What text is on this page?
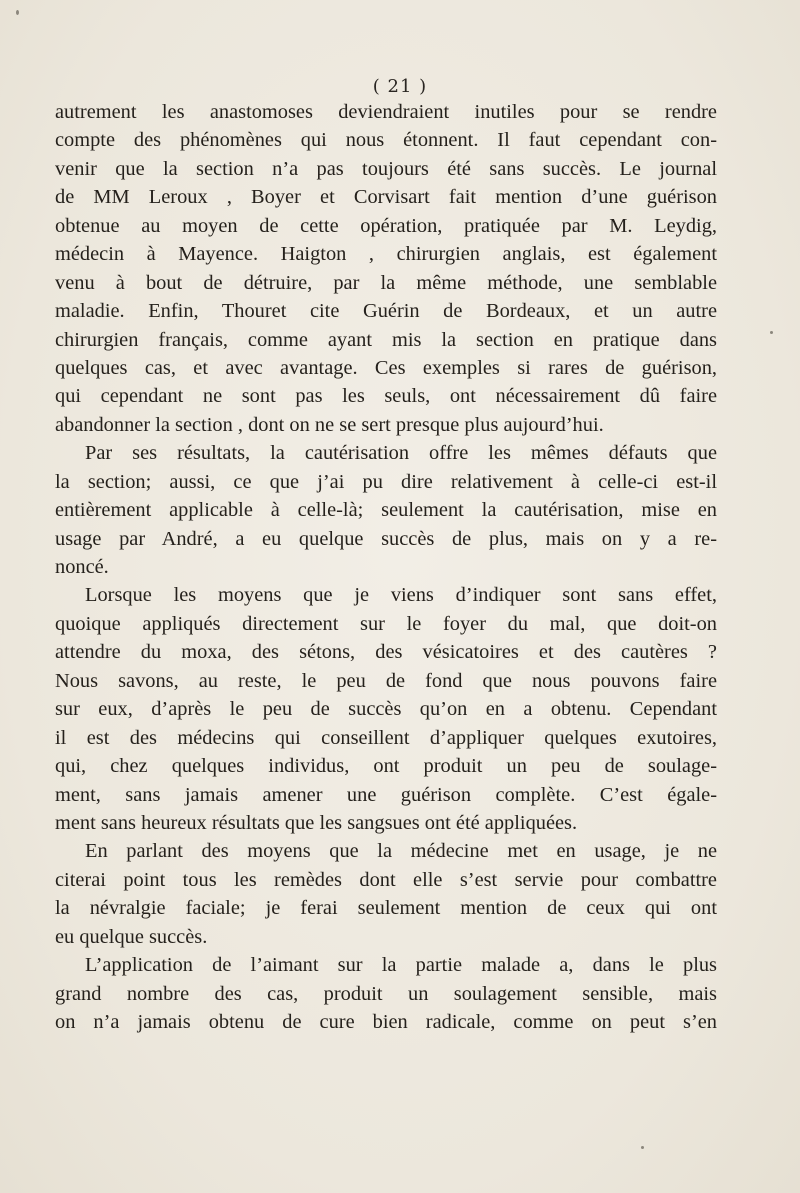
( 21 )
autrement les anastomoses deviendraient inutiles pour se rendre
compte des phénomènes qui nous étonnent. Il faut cependant con-
venir que la section n’a pas toujours été sans succès. Le journal
de MM Leroux , Boyer et Corvisart fait mention d’une guérison
obtenue au moyen de cette opération, pratiquée par M. Leydig,
médecin à Mayence. Haigton , chirurgien anglais, est également
venu à bout de détruire, par la même méthode, une semblable
maladie. Enfin, Thouret cite Guérin de Bordeaux, et un autre
chirurgien français, comme ayant mis la section en pratique dans
quelques cas, et avec avantage. Ces exemples si rares de guérison,
qui cependant ne sont pas les seuls, ont nécessairement dû faire
abandonner la section , dont on ne se sert presque plus aujourd’hui.
Par ses résultats, la cautérisation offre les mêmes défauts que
la section; aussi, ce que j’ai pu dire relativement à celle-ci est-il
entièrement applicable à celle-là; seulement la cautérisation, mise en
usage par André, a eu quelque succès de plus, mais on y a re-
noncé.
Lorsque les moyens que je viens d’indiquer sont sans effet,
quoique appliqués directement sur le foyer du mal, que doit-on
attendre du moxa, des sétons, des vésicatoires et des cautères ?
Nous savons, au reste, le peu de fond que nous pouvons faire
sur eux, d’après le peu de succès qu’on en a obtenu. Cependant
il est des médecins qui conseillent d’appliquer quelques exutoires,
qui, chez quelques individus, ont produit un peu de soulage-
ment, sans jamais amener une guérison complète. C’est égale-
ment sans heureux résultats que les sangsues ont été appliquées.
En parlant des moyens que la médecine met en usage, je ne
citerai point tous les remèdes dont elle s’est servie pour combattre
la névralgie faciale; je ferai seulement mention de ceux qui ont
eu quelque succès.
L’application de l’aimant sur la partie malade a, dans le plus
grand nombre des cas, produit un soulagement sensible, mais
on n’a jamais obtenu de cure bien radicale, comme on peut s’en
